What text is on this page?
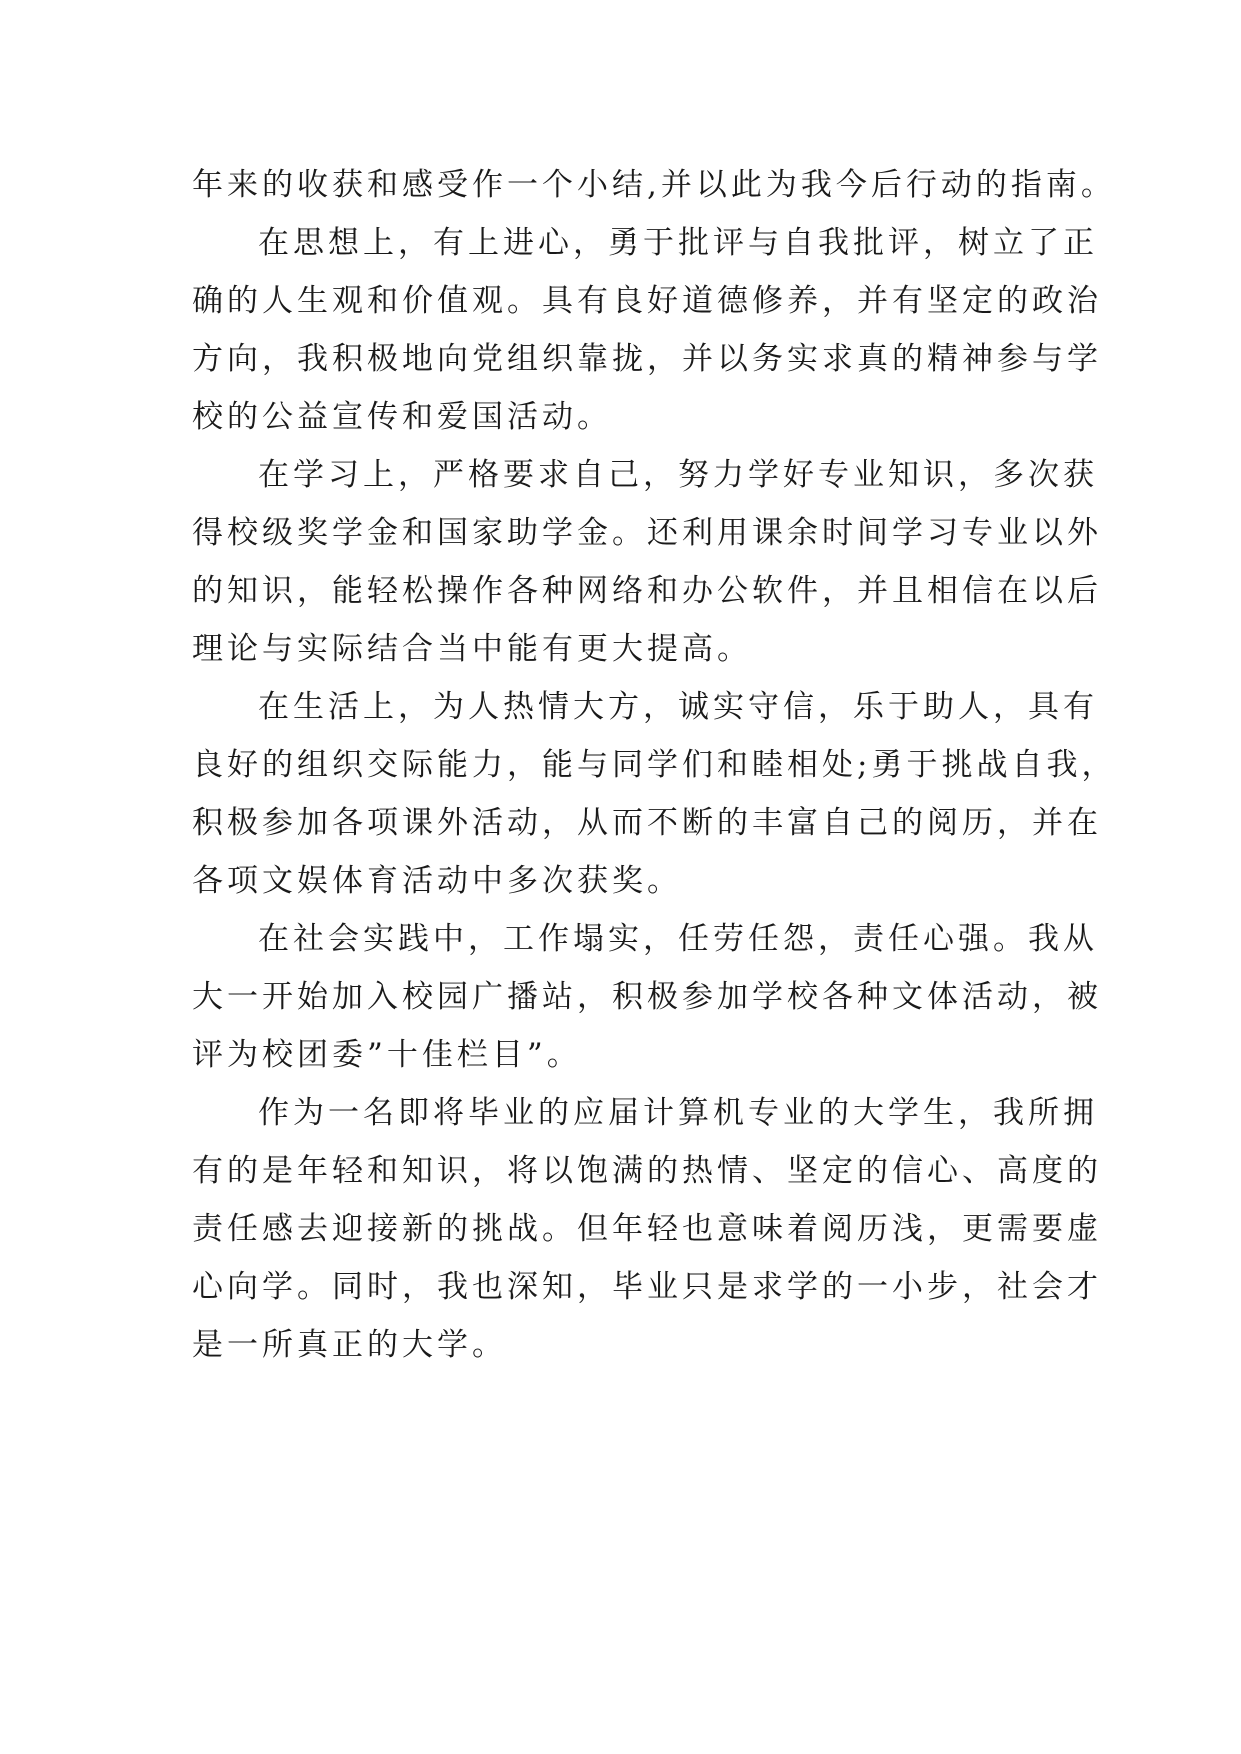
年来的收获和感受作一个小结,并以此为我今后行动的指南。
在思想上，有上进心，勇于批评与自我批评，树立了正
确的人生观和价值观。具有良好道德修养，并有坚定的政治
方向，我积极地向党组织靠拢，并以务实求真的精神参与学
校的公益宣传和爱国活动。
在学习上，严格要求自己，努力学好专业知识，多次获
得校级奖学金和国家助学金。还利用课余时间学习专业以外
的知识，能轻松操作各种网络和办公软件，并且相信在以后
理论与实际结合当中能有更大提高。
在生活上，为人热情大方，诚实守信，乐于助人，具有
良好的组织交际能力，能与同学们和睦相处;勇于挑战自我，
积极参加各项课外活动，从而不断的丰富自己的阅历，并在
各项文娱体育活动中多次获奖。
在社会实践中，工作塌实，任劳任怨，责任心强。我从
大一开始加入校园广播站，积极参加学校各种文体活动，被
评为校团委”十佳栏目”。
作为一名即将毕业的应届计算机专业的大学生，我所拥
有的是年轻和知识，将以饱满的热情、坚定的信心、高度的
责任感去迎接新的挑战。但年轻也意味着阅历浅，更需要虚
心向学。同时，我也深知，毕业只是求学的一小步，社会才
是一所真正的大学。
